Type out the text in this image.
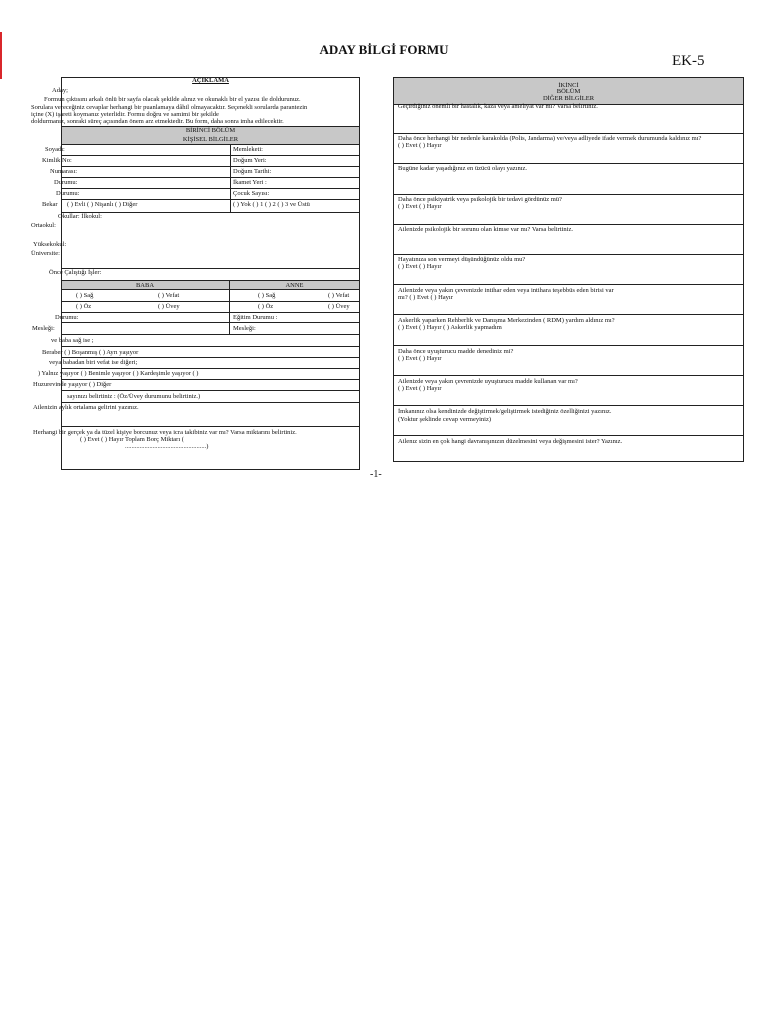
ADAY BİLGİ FORMU
EK-5
AÇIKLAMA
Aday;
Formun çıktısını arkalı önlü bir sayfa olacak şekilde alınız ve okunaklı bir el yazısı ile doldurunuz.
Sorulara vereceğiniz cevaplar herhangi bir puanlamaya dâhil olmayacaktır. Seçenekli sorularda parantezin
içine (X) işareti koymanız yeterlidir. Formu doğru ve samimi bir şekilde
doldurmanız, sonraki süreç açısından önem arz etmektedir. Bu form, daha sonra imha edilecektir.
BİRİNCİ BÖLÜM
KİŞİSEL BİLGİLER
Soyadı:	Memleketi:
Kimlik No:	Doğum Yeri:
Numarası:	Doğum Tarihi:
Durumu:	İkamet Yeri :
Durumu:	Çocuk Sayısı:
Bekar ( ) Evli ( ) Nişanlı ( ) Diğer	( ) Yok ( ) 1 ( ) 2 ( ) 3 ve Üstü
Okullar: İlkokul:
Ortaokul:
Yüksekokul:
Üniversite:
Önce Çalıştığı İşler:
BABA	ANNE
( ) Sağ	( ) Vefat	( ) Sağ	( ) Vefat
( ) Öz	( ) Üvey	( ) Öz	( ) Üvey
Durumu:	Eğitim Durumu :
Mesleği:	Mesleği:
ve baba sağ ise ;
Beraber ( ) Boşanmış ( ) Ayrı yaşıyor
veya babadan biri vefat ise diğeri;
) Yalnız yaşıyor ( ) Benimle yaşıyor ( ) Kardeşimle yaşıyor ( )
Huzurevinde yaşıyor ( ) Diğer
sayınızı belirtiniz : (Öz/Üvey durumunu belirtiniz.)
Ailenizin aylık ortalama gelirini yazınız.
Herhangi bir gerçek ya da tüzel kişiye borcunuz veya icra takibiniz var mı? Varsa miktarını belirtiniz.
( ) Evet ( ) Hayır Toplam Borç Miktarı (
..................................................)
İKİNCİ
BÖLÜM
DİĞER BİLGİLER
Geçirdiğiniz önemli bir hastalık, kaza veya ameliyat var mı? Varsa belirtiniz.
Daha önce herhangi bir nedenle karakolda (Polis, Jandarma) ve/veya adliyede ifade vermek durumunda kaldınız mı?
( ) Evet ( ) Hayır
Bugüne kadar yaşadığınız en üzücü olayı yazınız.
Daha önce psikiyatrik veya psikolojik bir tedavi gördünüz mü?
( ) Evet ( ) Hayır
Ailenizde psikolojik bir sorunu olan kimse var mı? Varsa belirtiniz.
Hayatınıza son vermeyi düşündüğünüz oldu mu?
( ) Evet ( ) Hayır
Ailenizde veya yakın çevrenizde intihar eden veya intihara teşebbüs eden birisi var
mı? ( ) Evet ( ) Hayır
Askerlik yaparken Rehberlik ve Danışma Merkezinden ( RDM) yardım aldınız mı?
( ) Evet ( ) Hayır ( ) Askerlik yapmadım
Daha önce uyuşturucu madde denediniz mi?
( ) Evet ( ) Hayır
Ailenizde veya yakın çevrenizde uyuşturucu madde kullanan var mı?
( ) Evet ( ) Hayır
İmkanınız olsa kendinizde değiştirmek/geliştirmek istediğiniz özelliğinizi yazınız.
(Yoktur şeklinde cevap vermeyiniz)
Ailenız sizin en çok hangi davranışınızın düzelmesini veya değişmesini ister? Yazınız.
-1-
